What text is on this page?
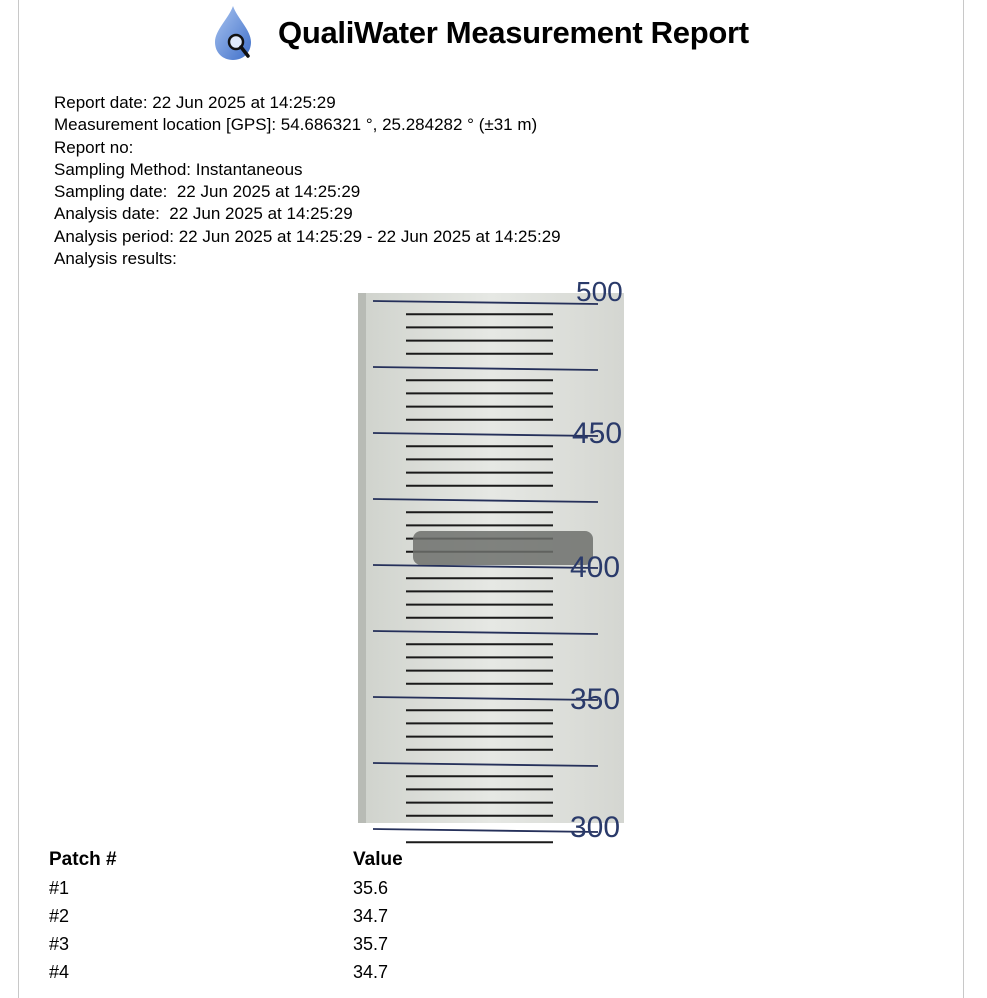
QualiWater Measurement Report
Report date: 22 Jun 2025 at 14:25:29
Measurement location [GPS]: 54.686321 °, 25.284282 ° (±31 m)
Report no:
Sampling Method: Instantaneous
Sampling date:  22 Jun 2025 at 14:25:29
Analysis date:  22 Jun 2025 at 14:25:29
Analysis period: 22 Jun 2025 at 14:25:29 - 22 Jun 2025 at 14:25:29
Analysis results:
500
450
400
350
300
Patch #	Value
#1	35.6
#2	34.7
#3	35.7
#4	34.7
